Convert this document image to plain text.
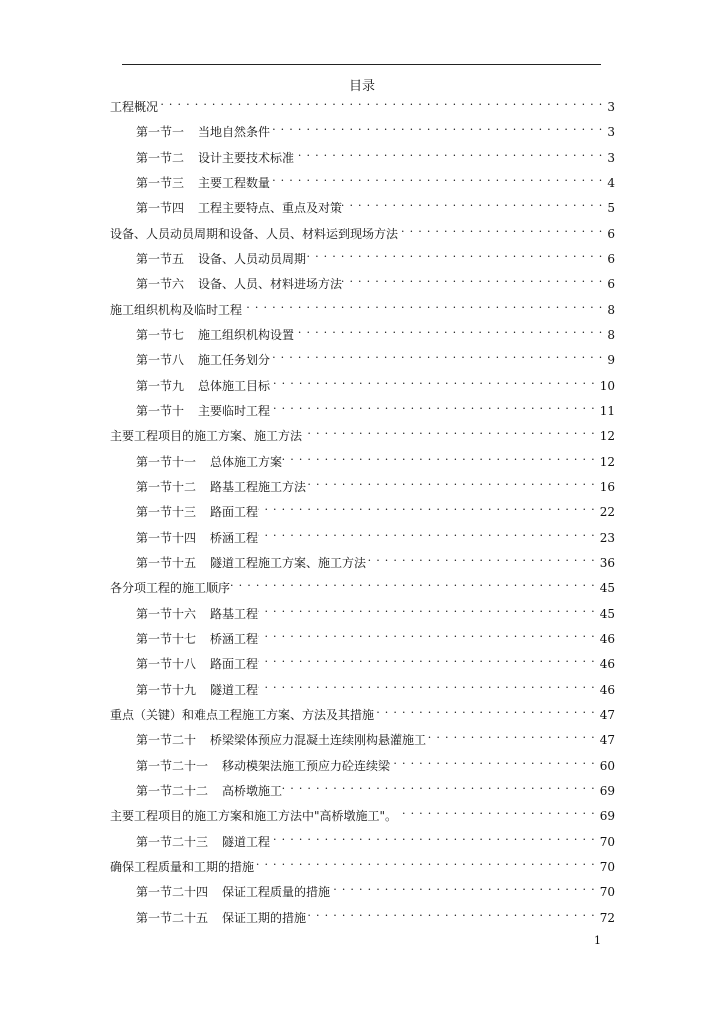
目录
工程概况 .....	3
第一节一 当地自然条件 .....	3
第一节二 设计主要技术标准 .....	3
第一节三 主要工程数量 .....	4
第一节四 工程主要特点、重点及对策 .....	5
设备、人员动员周期和设备、人员、材料运到现场方法 .....	6
第一节五 设备、人员动员周期 .....	6
第一节六 设备、人员、材料进场方法 .....	6
施工组织机构及临时工程 .....	8
第一节七 施工组织机构设置 .....	8
第一节八 施工任务划分 .....	9
第一节九 总体施工目标 .....	10
第一节十 主要临时工程 .....	11
主要工程项目的施工方案、施工方法 .....	12
第一节十一 总体施工方案 .....	12
第一节十二 路基工程施工方法 .....	16
第一节十三 路面工程 .....	22
第一节十四 桥涵工程 .....	23
第一节十五 隧道工程施工方案、施工方法 .....	36
各分项工程的施工顺序 .....	45
第一节十六 路基工程 .....	45
第一节十七 桥涵工程 .....	46
第一节十八 路面工程 .....	46
第一节十九 隧道工程 .....	46
重点（关键）和难点工程施工方案、方法及其措施 .....	47
第一节二十 桥梁梁体预应力混凝土连续刚构悬灌施工 .....	47
第一节二十一 移动模架法施工预应力砼连续梁 .....	60
第一节二十二 高桥墩施工 .....	69
主要工程项目的施工方案和施工方法中"高桥墩施工"。 .....	69
第一节二十三 隧道工程 .....	70
确保工程质量和工期的措施 .....	70
第一节二十四 保证工程质量的措施 .....	70
第一节二十五 保证工期的措施 .....	72
1
